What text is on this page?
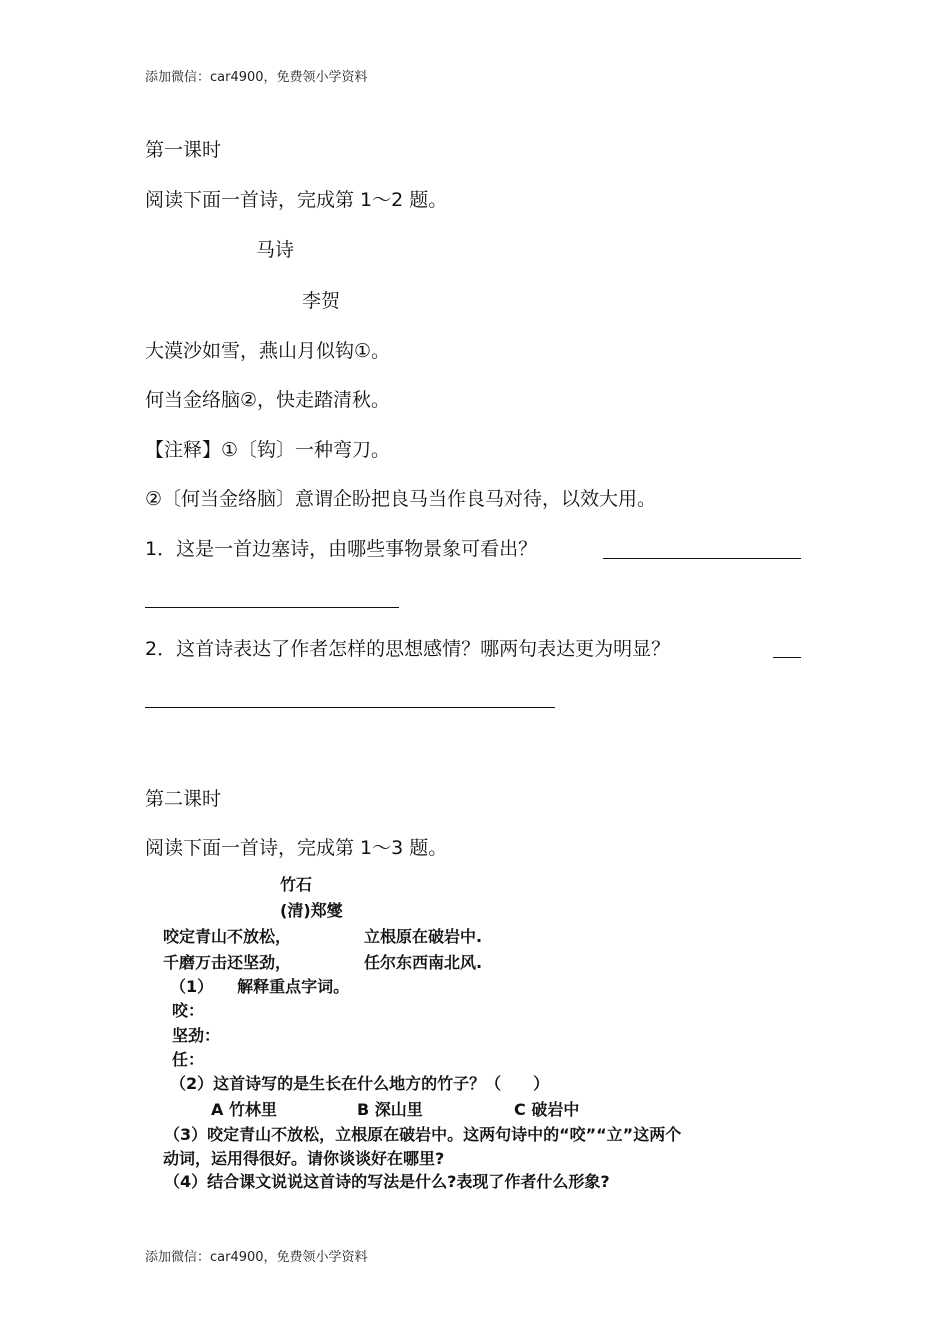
添加微信：car4900，免费领小学资料
第一课时
阅读下面一首诗，完成第 1～2 题。
马诗
李贺
大漠沙如雪，燕山月似钩①。
何当金络脑②，快走踏清秋。
【注释】①〔钩〕一种弯刀。
②〔何当金络脑〕意谓企盼把良马当作良马对待，以效大用。
1．这是一首边塞诗，由哪些事物景象可看出？
2．这首诗表达了作者怎样的思想感情？哪两句表达更为明显？
第二课时
阅读下面一首诗，完成第 1～3 题。
竹石
(清)郑燮
咬定青山不放松，	立根原在破岩中.
千磨万击还坚劲，	任尔东西南北风.
（1） 解释重点字词。
咬：
坚劲：
任：
（2）这首诗写的是生长在什么地方的竹子？（　　）
A 竹林里	B 深山里	C 破岩中
（3）咬定青山不放松，立根原在破岩中。这两句诗中的“咬”“立”这两个
动词，运用得很好。请你谈谈好在哪里?
（4）结合课文说说这首诗的写法是什么?表现了作者什么形象?
添加微信：car4900，免费领小学资料
